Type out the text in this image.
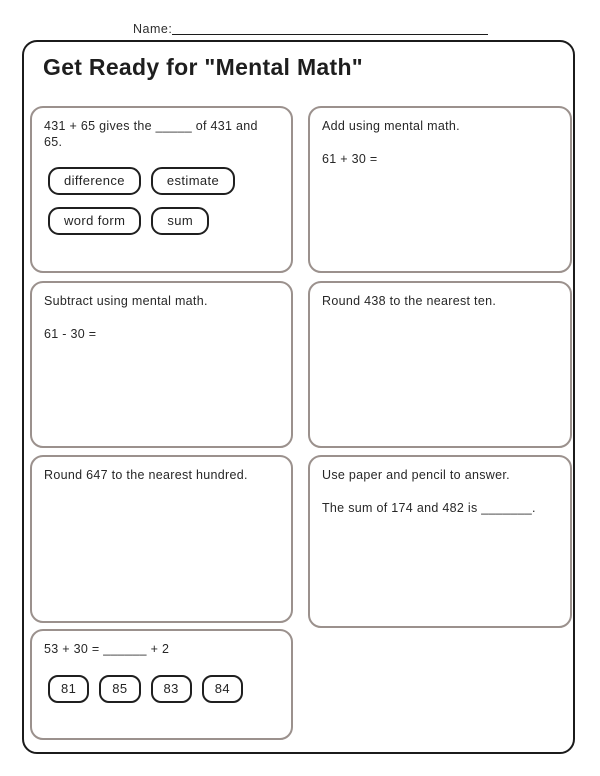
Name:
Get Ready for "Mental Math"

431 + 65 gives the _____ of 431 and 65.

difference	estimate
word form	sum

Add using mental math.

61 + 30 =

Subtract using mental math.

61 - 30 =

Round 438 to the nearest ten.

Round 647 to the nearest hundred.	Use paper and pencil to answer.

The sum of 174 and 482 is _______.

53 + 30 = ______ + 2

81	85	83	84
